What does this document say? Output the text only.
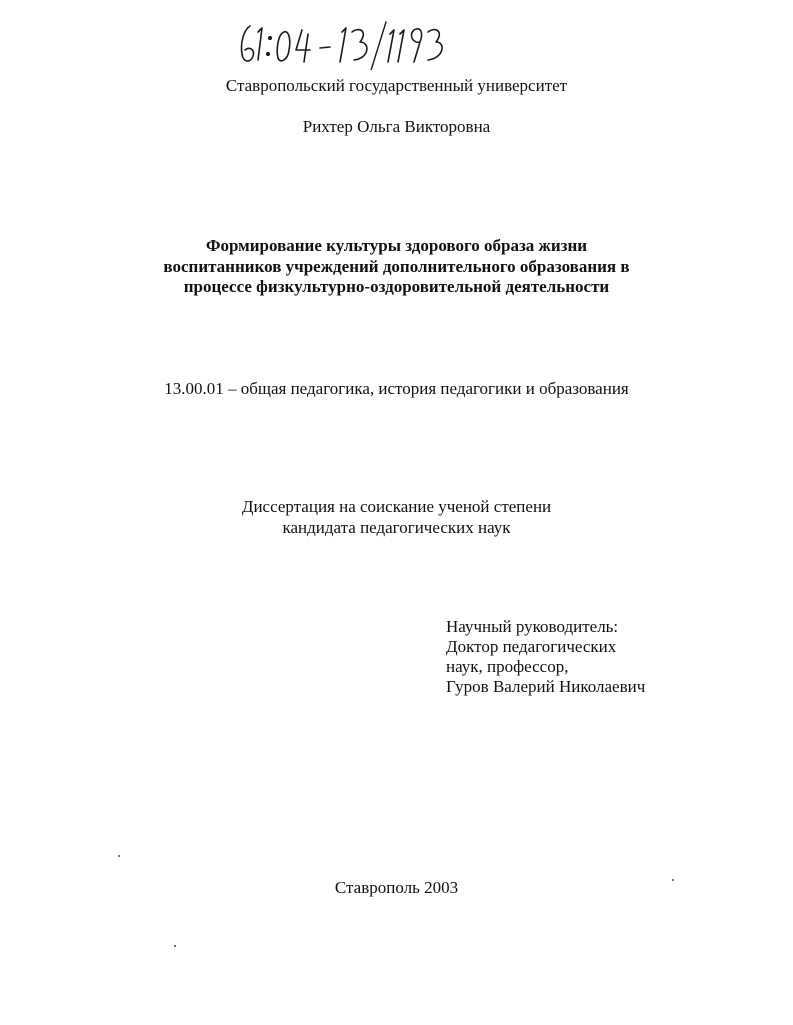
Ставропольский государственный университет
Рихтер Ольга Викторовна
Формирование культуры здорового образа жизни
воспитанников учреждений дополнительного образования в
процессе физкультурно-оздоровительной деятельности
13.00.01 – общая педагогика, история педагогики и образования
Диссертация на соискание ученой степени
кандидата педагогических наук
Научный руководитель:
Доктор педагогических
наук, профессор,
Гуров Валерий Николаевич
Ставрополь 2003
